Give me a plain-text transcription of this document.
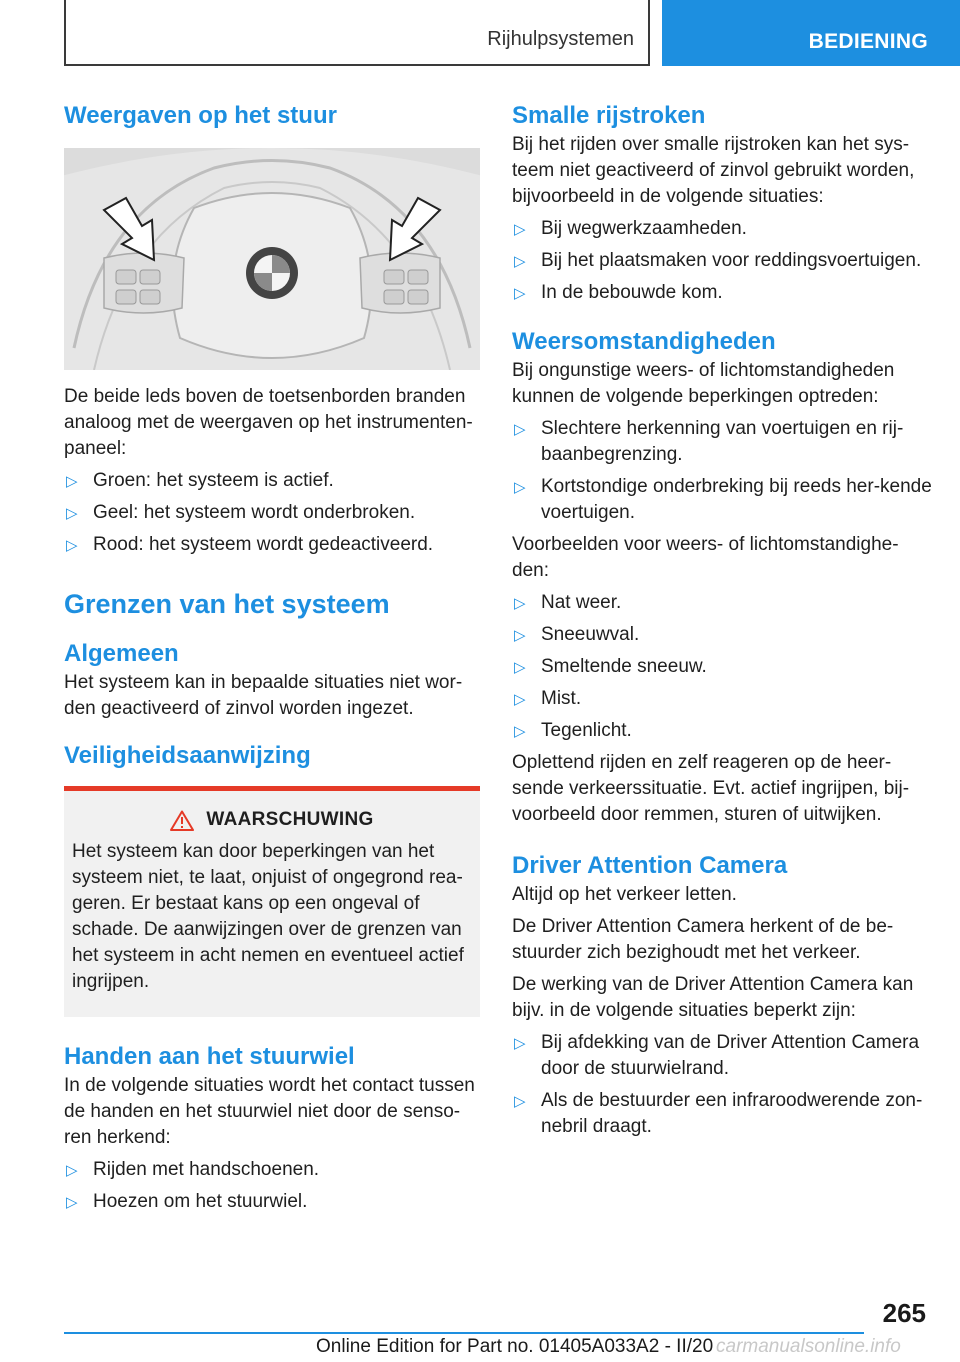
Rijhulpsystemen	BEDIENING
Weergaven op het stuur

De beide leds boven de toetsenborden branden analoog met de weergaven op het instrumenten-paneel:

▷ Groen: het systeem is actief.
▷ Geel: het systeem wordt onderbroken.
▷ Rood: het systeem wordt gedeactiveerd.
Grenzen van het systeem
Algemeen

Het systeem kan in bepaalde situaties niet wor-den geactiveerd of zinvol worden ingezet.

Veiligheidsaanwijzing
WAARSCHUWING

Het systeem kan door beperkingen van het systeem niet, te laat, onjuist of ongegrond rea-geren. Er bestaat kans op een ongeval of schade. De aanwijzingen over de grenzen van het systeem in acht nemen en eventueel actief ingrijpen.

Handen aan het stuurwiel

In de volgende situaties wordt het contact tussen de handen en het stuurwiel niet door de senso-ren herkend:

▷ Rijden met handschoenen.
▷ Hoezen om het stuurwiel.
Smalle rijstroken

Bij het rijden over smalle rijstroken kan het sys-teem niet geactiveerd of zinvol gebruikt worden, bijvoorbeeld in de volgende situaties:

▷ Bij wegwerkzaamheden.
▷ Bij het plaatsmaken voor reddingsvoertuigen.
▷ In de bebouwde kom.
Weersomstandigheden

Bij ongunstige weers- of lichtomstandigheden kunnen de volgende beperkingen optreden:

▷ Slechtere herkenning van voertuigen en rij-baanbegrenzing.
▷ Kortstondige onderbreking bij reeds her-kende voertuigen.

Voorbeelden voor weers- of lichtomstandighe-den:

▷ Nat weer.
▷ Sneeuwval.
▷ Smeltende sneeuw.
▷ Mist.
▷ Tegenlicht.

Oplettend rijden en zelf reageren op de heer-sende verkeerssituatie. Evt. actief ingrijpen, bij-voorbeeld door remmen, sturen of uitwijken.

Driver Attention Camera

Altijd op het verkeer letten.

De Driver Attention Camera herkent of de be-stuurder zich bezighoudt met het verkeer.

De werking van de Driver Attention Camera kan bijv. in de volgende situaties beperkt zijn:

▷ Bij afdekking van de Driver Attention Camera door de stuurwielrand.
▷ Als de bestuurder een infraroodwerende zon-nebril draagt.
265
Online Edition for Part no. 01405A033A2 - II/20 carmanualsonline.info
